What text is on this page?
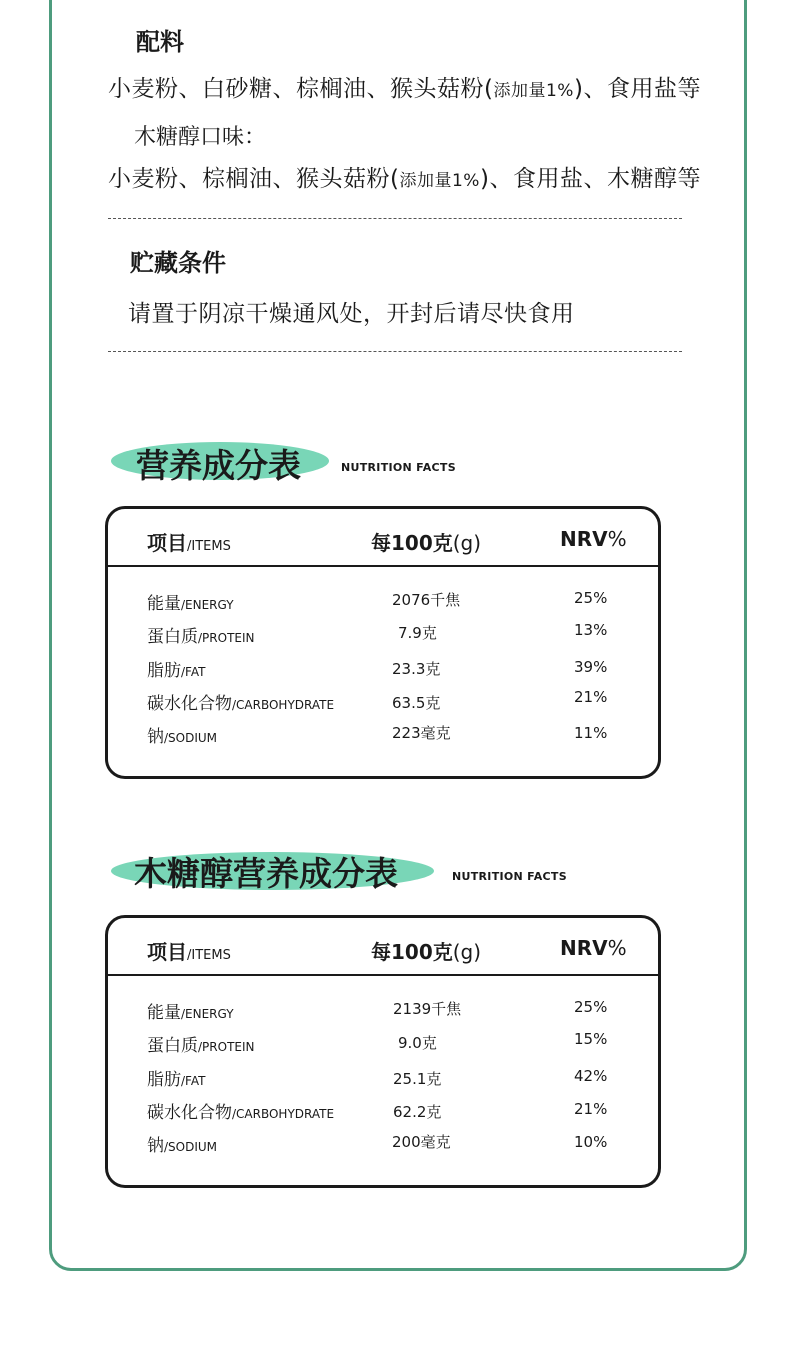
配料
小麦粉、白砂糖、棕榈油、猴头菇粉(添加量1%)、食用盐等
木糖醇口味：
小麦粉、棕榈油、猴头菇粉(添加量1%)、食用盐、木糖醇等
贮藏条件
请置于阴凉干燥通风处，开封后请尽快食用
营养成分表	NUTRITION FACTS
项目/ITEMS	每100克(g)	NRV%
能量/ENERGY	2076千焦	25%
蛋白质/PROTEIN	7.9克	13%
脂肪/FAT	23.3克	39%
碳水化合物/CARBOHYDRATE	63.5克	21%
钠/SODIUM	223毫克	11%
木糖醇营养成分表	NUTRITION FACTS
项目/ITEMS	每100克(g)	NRV%
能量/ENERGY	2139千焦	25%
蛋白质/PROTEIN	9.0克	15%
脂肪/FAT	25.1克	42%
碳水化合物/CARBOHYDRATE	62.2克	21%
钠/SODIUM	200毫克	10%
